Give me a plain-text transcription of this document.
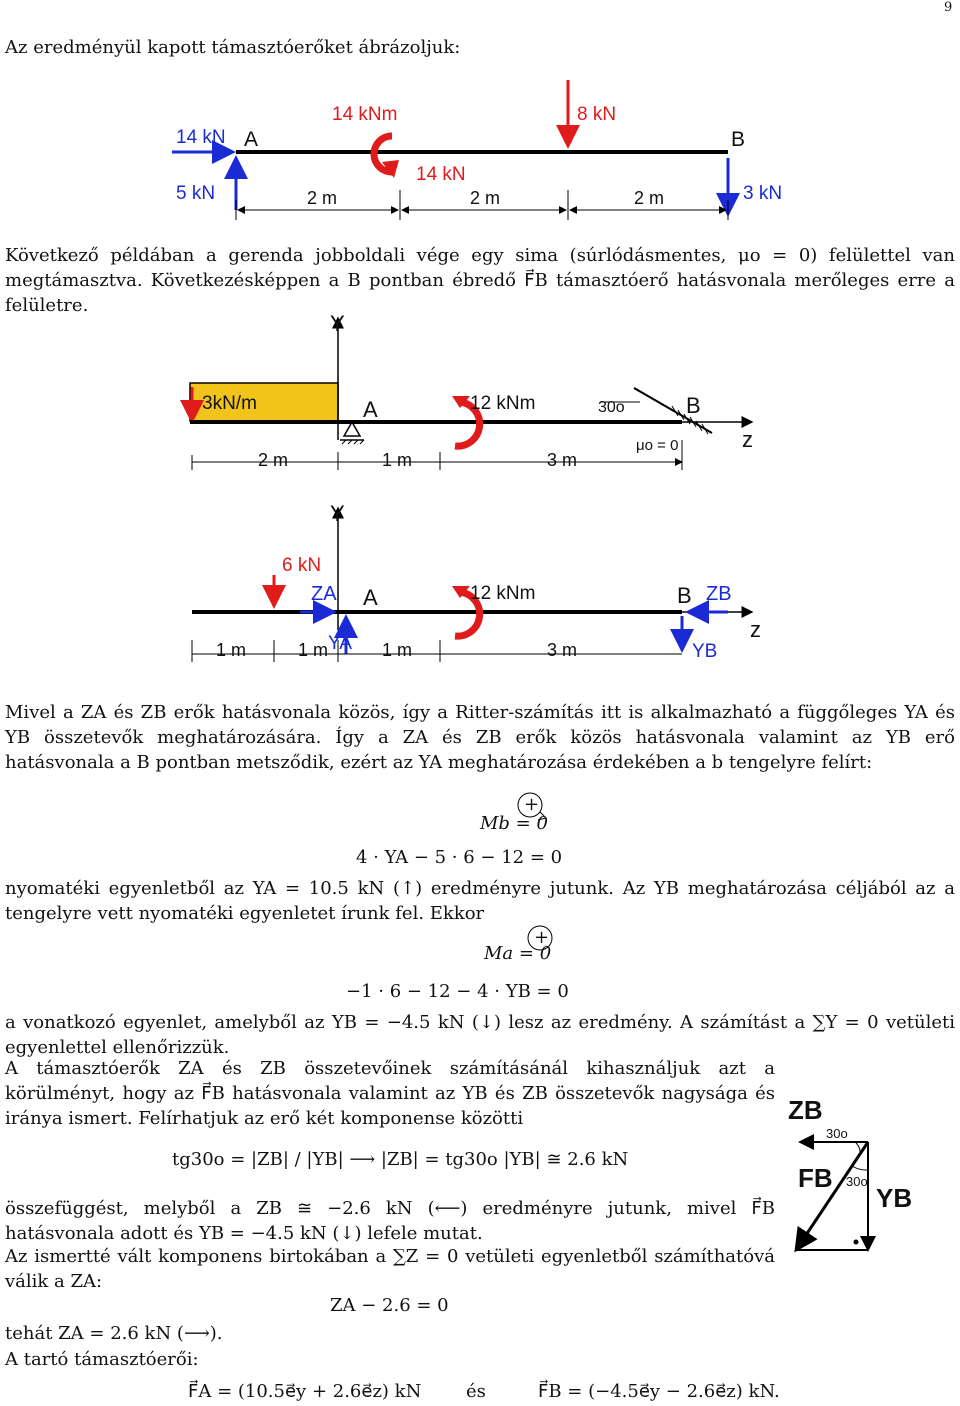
9
Az eredményül kapott támasztóerőket ábrázoljuk:
14 kN
5 kN
A
14 kNm
14 kN
8 kN
B
3 kN
2 m	2 m	2 m
Következő példában a gerenda jobboldali vége egy sima (súrlódásmentes, μo = 0) felülettel van megtámasztva. Következésképpen a B pontban ébredő F⃗B támasztóerő hatásvonala merőleges erre a felületre.
Y
3kN/m	A	12 kNm	30o	B
μo = 0	z
2 m	1 m	3 m
Y
6 kN
ZA A	12 kNm	B ZB
YA	YB
z
1 m	1 m	1 m	3 m
Mivel a ZA és ZB erők hatásvonala közös, így a Ritter-számítás itt is alkalmazható a függőleges YA és YB összetevők meghatározására. Így a ZA és ZB erők közös hatásvonala valamint az YB erő hatásvonala a B pontban metsződik, ezért az YA meghatározása érdekében a b tengelyre felírt:
+
Mb = 0
4 · YA − 5 · 6 − 12 = 0
nyomatéki egyenletből az YA = 10.5 kN (↑) eredményre jutunk. Az YB meghatározása céljából az a tengelyre vett nyomatéki egyenletet írunk fel. Ekkor
+
Ma = 0
−1 · 6 − 12 − 4 · YB = 0
a vonatkozó egyenlet, amelyből az YB = −4.5 kN (↓) lesz az eredmény. A számítást a ∑Y = 0 vetületi egyenlettel ellenőrizzük.
A támasztóerők ZA és ZB összetevőinek számításánál kihasználjuk azt a körülményt, hogy az F⃗B hatásvonala valamint az YB és ZB összetevők nagysága és iránya ismert. Felírhatjuk az erő két komponense közötti
tg30o = |ZB| / |YB| ⟶ |ZB| = tg30o |YB| ≅ 2.6 kN
összefüggést, melyből a ZB ≅ −2.6 kN (⟵) eredményre jutunk, mivel F⃗B hatásvonala adott és YB = −4.5 kN (↓) lefele mutat.
Az ismertté vált komponens birtokában a ∑Z = 0 vetületi egyenletből számíthatóvá válik a ZA:
ZA − 2.6 = 0
tehát ZA = 2.6 kN (⟶).
A tartó támasztóerői:
F⃗A = (10.5e⃗y + 2.6e⃗z) kN és	F⃗B = (−4.5e⃗y − 2.6e⃗z) kN.
ZB
30o
FB 30o
YB
